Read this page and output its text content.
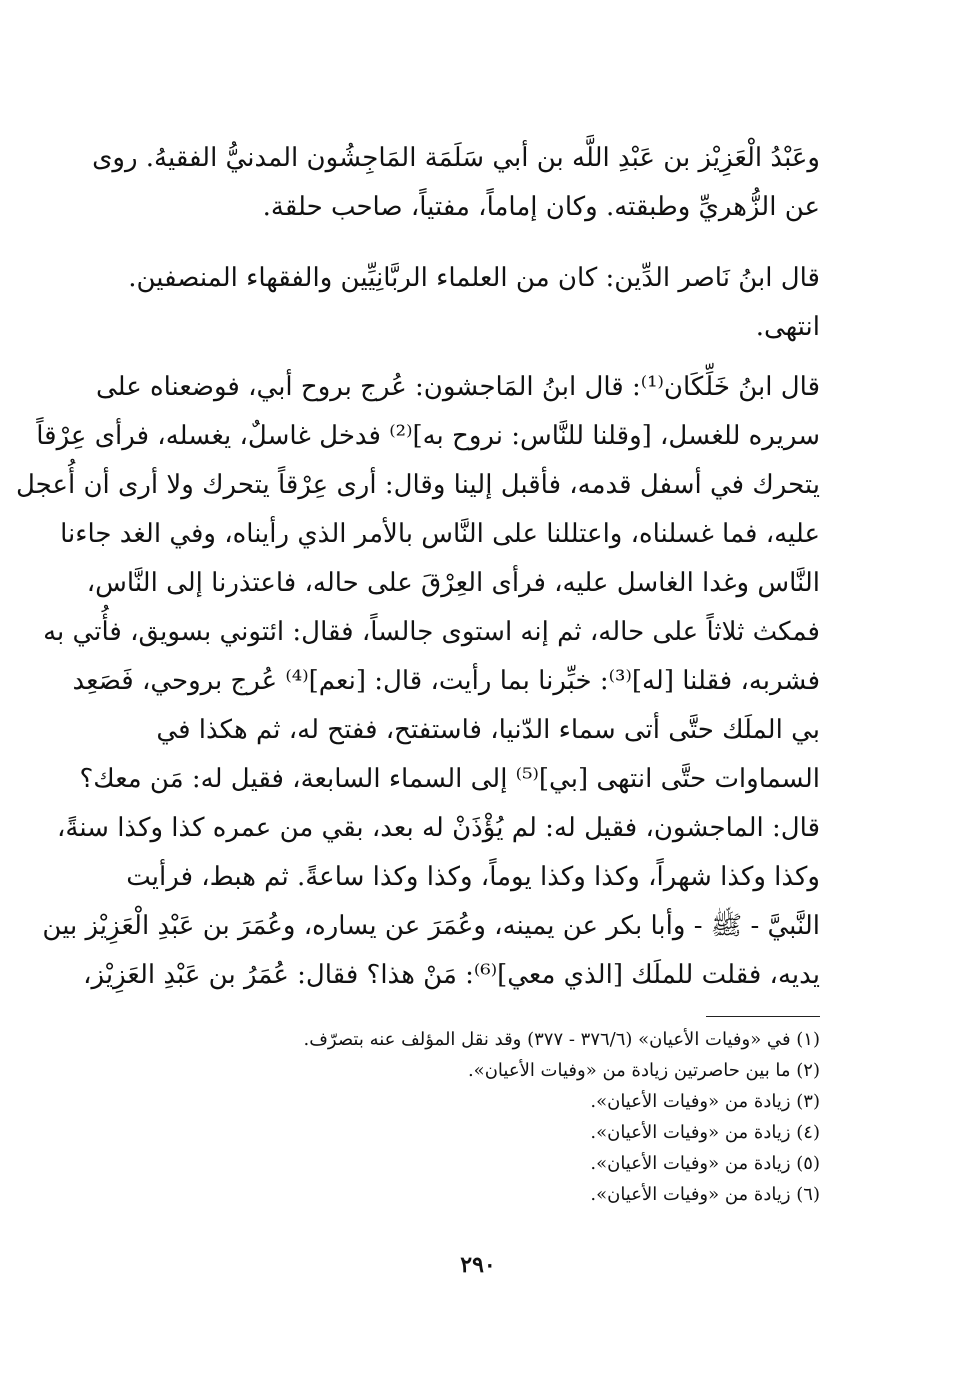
وعَبْدُ الْعَزِيْز بن عَبْدِ اللَّه بن أبي سَلَمَة المَاجِشُون المدنيُّ الفقيهُ. روى
عن الزُّهريِّ وطبقته. وكان إماماً، مفتياً، صاحب حلقة.

قال ابنُ نَاصر الدِّين: كان من العلماء الربَّانِيِّين والفقهاء المنصفين.
انتهى.

قال ابنُ خَلِّكَان⁽¹⁾: قال ابنُ المَاجشون: عُرج بروح أبي، فوضعناه على
سريره للغسل، [وقلنا للنَّاس: نروح به]⁽²⁾ فدخل غاسلٌ، يغسله، فرأى عِرْقاً
يتحرك في أسفل قدمه، فأقبل إلينا وقال: أرى عِرْقاً يتحرك ولا أرى أن أُعجل
عليه، فما غسلناه، واعتللنا على النَّاس بالأمر الذي رأيناه، وفي الغد جاءنا
النَّاس وغدا الغاسل عليه، فرأى العِرْقَ على حاله، فاعتذرنا إلى النَّاس،
فمكث ثلاثاً على حاله، ثم إنه استوى جالساً، فقال: ائتوني بسويق، فأُتي به
فشربه، فقلنا [له]⁽³⁾: خبِّرنا بما رأيت، قال: [نعم]⁽⁴⁾ عُرج بروحي، فَصَعِد
بي الملَك حتَّى أتى سماء الدّنيا، فاستفتح، ففتح له، ثم هكذا في
السماوات حتَّى انتهى [بي]⁽⁵⁾ إلى السماء السابعة، فقيل له: مَن معك؟
قال: الماجشون، فقيل له: لم يُؤْذَنْ له بعد، بقي من عمره كذا وكذا سنةً،
وكذا وكذا شهراً، وكذا وكذا يوماً، وكذا وكذا ساعةً. ثم هبط، فرأيت
النَّبيَّ - ﷺ - وأبا بكر عن يمينه، وعُمَرَ عن يساره، وعُمَرَ بن عَبْدِ الْعَزِيْز بين
يديه، فقلت للملَك [الذي معي]⁽⁶⁾: مَنْ هذا؟ فقال: عُمَرُ بن عَبْدِ العَزِيْز،

(١) في «وفيات الأعيان» (٣٧٦/٦ - ٣٧٧) وقد نقل المؤلف عنه بتصرّف.
(٢) ما بين حاصرتين زيادة من «وفيات الأعيان».
(٣) زيادة من «وفيات الأعيان».
(٤) زيادة من «وفيات الأعيان».
(٥) زيادة من «وفيات الأعيان».
(٦) زيادة من «وفيات الأعيان».
٢٩٠
